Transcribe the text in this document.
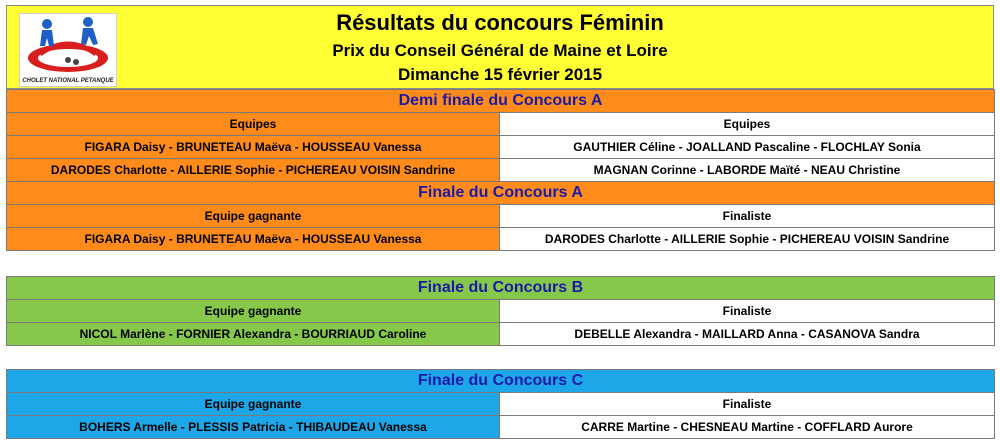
CHOLET NATIONAL PETANQUE
Résultats du concours Féminin
Prix du Conseil Général de Maine et Loire
Dimanche 15 février 2015
Demi finale du Concours A	
Equipes	Equipes
FIGARA Daisy - BRUNETEAU Maëva - HOUSSEAU Vanessa	GAUTHIER Céline - JOALLAND Pascaline - FLOCHLAY Sonia
DARODES Charlotte - AILLERIE Sophie - PICHEREAU VOISIN Sandrine	MAGNAN Corinne - LABORDE Maïté - NEAU Christine
Finale du Concours A	
Equipe gagnante	Finaliste
FIGARA Daisy - BRUNETEAU Maëva - HOUSSEAU Vanessa	DARODES Charlotte - AILLERIE Sophie - PICHEREAU VOISIN Sandrine
Finale du Concours B	
Equipe gagnante	Finaliste
NICOL Marlène - FORNIER Alexandra - BOURRIAUD Caroline	DEBELLE Alexandra - MAILLARD Anna - CASANOVA Sandra
Finale du Concours C	
Equipe gagnante	Finaliste
BOHERS Armelle - PLESSIS Patricia - THIBAUDEAU Vanessa	CARRE Martine - CHESNEAU Martine - COFFLARD Aurore
